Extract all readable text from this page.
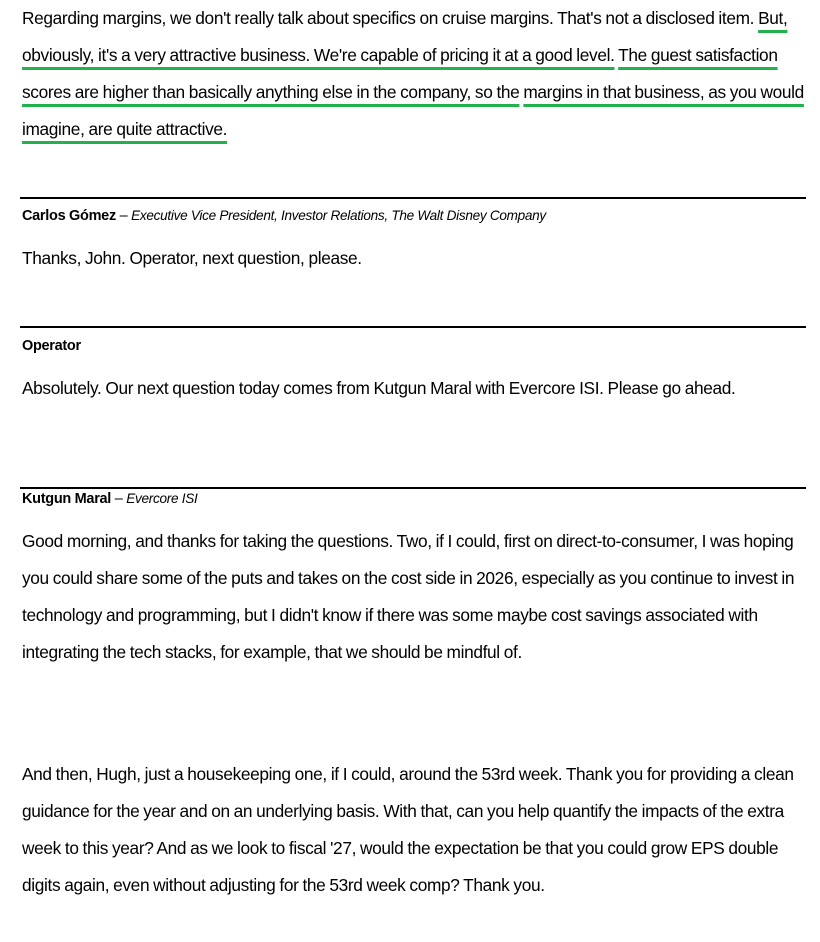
Regarding margins, we don't really talk about specifics on cruise margins. That's not a disclosed item. But, obviously, it's a very attractive business. We're capable of pricing it at a good level. The guest satisfaction scores are higher than basically anything else in the company, so the margins in that business, as you would imagine, are quite attractive.

Carlos Gómez – Executive Vice President, Investor Relations, The Walt Disney Company

Thanks, John. Operator, next question, please.

Operator

Absolutely. Our next question today comes from Kutgun Maral with Evercore ISI. Please go ahead.

Kutgun Maral – Evercore ISI

Good morning, and thanks for taking the questions. Two, if I could, first on direct-to-consumer, I was hoping you could share some of the puts and takes on the cost side in 2026, especially as you continue to invest in technology and programming, but I didn't know if there was some maybe cost savings associated with integrating the tech stacks, for example, that we should be mindful of.

And then, Hugh, just a housekeeping one, if I could, around the 53rd week. Thank you for providing a clean guidance for the year and on an underlying basis. With that, can you help quantify the impacts of the extra week to this year? And as we look to fiscal '27, would the expectation be that you could grow EPS double digits again, even without adjusting for the 53rd week comp? Thank you.
